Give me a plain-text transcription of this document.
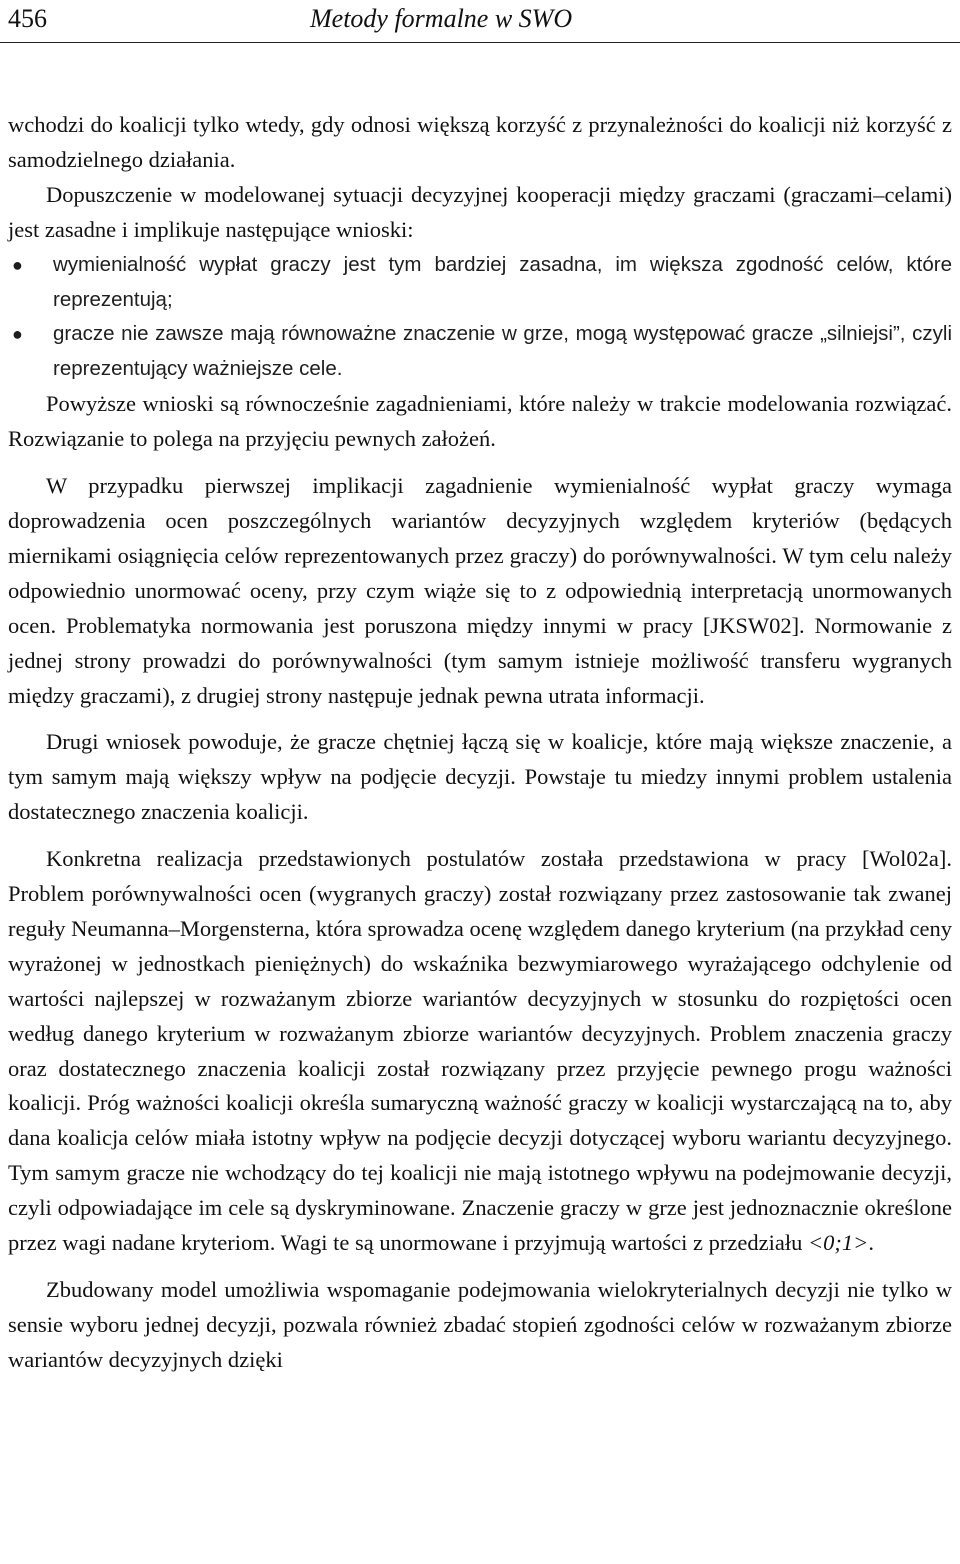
456	Metody formalne w SWO

wchodzi do koalicji tylko wtedy, gdy odnosi większą korzyść z przynależności do koalicji niż korzyść z samodzielnego działania.

Dopuszczenie w modelowanej sytuacji decyzyjnej kooperacji między graczami (graczami–celami) jest zasadne i implikuje następujące wnioski:

● wymienialność wypłat graczy jest tym bardziej zasadna, im większa zgodność celów, które reprezentują;
● gracze nie zawsze mają równoważne znaczenie w grze, mogą występować gracze „silniejsi”, czyli reprezentujący ważniejsze cele.

Powyższe wnioski są równocześnie zagadnieniami, które należy w trakcie modelowania rozwiązać. Rozwiązanie to polega na przyjęciu pewnych założeń.

W przypadku pierwszej implikacji zagadnienie wymienialność wypłat graczy wymaga doprowadzenia ocen poszczególnych wariantów decyzyjnych względem kryteriów (będących miernikami osiągnięcia celów reprezentowanych przez graczy) do porównywalności. W tym celu należy odpowiednio unormować oceny, przy czym wiąże się to z odpowiednią interpretacją unormowanych ocen. Problematyka normowania jest poruszona między innymi w pracy [JKSW02]. Normowanie z jednej strony prowadzi do porównywalności (tym samym istnieje możliwość transferu wygranych między graczami), z drugiej strony następuje jednak pewna utrata informacji.

Drugi wniosek powoduje, że gracze chętniej łączą się w koalicje, które mają większe znaczenie, a tym samym mają większy wpływ na podjęcie decyzji. Powstaje tu miedzy innymi problem ustalenia dostatecznego znaczenia koalicji.

Konkretna realizacja przedstawionych postulatów została przedstawiona w pracy [Wol02a]. Problem porównywalności ocen (wygranych graczy) został rozwiązany przez zastosowanie tak zwanej reguły Neumanna–Morgensterna, która sprowadza ocenę względem danego kryterium (na przykład ceny wyrażonej w jednostkach pieniężnych) do wskaźnika bezwymiarowego wyrażającego odchylenie od wartości najlepszej w rozważanym zbiorze wariantów decyzyjnych w stosunku do rozpiętości ocen według danego kryterium w rozważanym zbiorze wariantów decyzyjnych. Problem znaczenia graczy oraz dostatecznego znaczenia koalicji został rozwiązany przez przyjęcie pewnego progu ważności koalicji. Próg ważności koalicji określa sumaryczną ważność graczy w koalicji wystarczającą na to, aby dana koalicja celów miała istotny wpływ na podjęcie decyzji dotyczącej wyboru wariantu decyzyjnego. Tym samym gracze nie wchodzący do tej koalicji nie mają istotnego wpływu na podejmowanie decyzji, czyli odpowiadające im cele są dyskryminowane. Znaczenie graczy w grze jest jednoznacznie określone przez wagi nadane kryteriom. Wagi te są unormowane i przyjmują wartości z przedziału <0;1>.

Zbudowany model umożliwia wspomaganie podejmowania wielokryterialnych decyzji nie tylko w sensie wyboru jednej decyzji, pozwala również zbadać stopień zgodności celów w rozważanym zbiorze wariantów decyzyjnych dzięki
